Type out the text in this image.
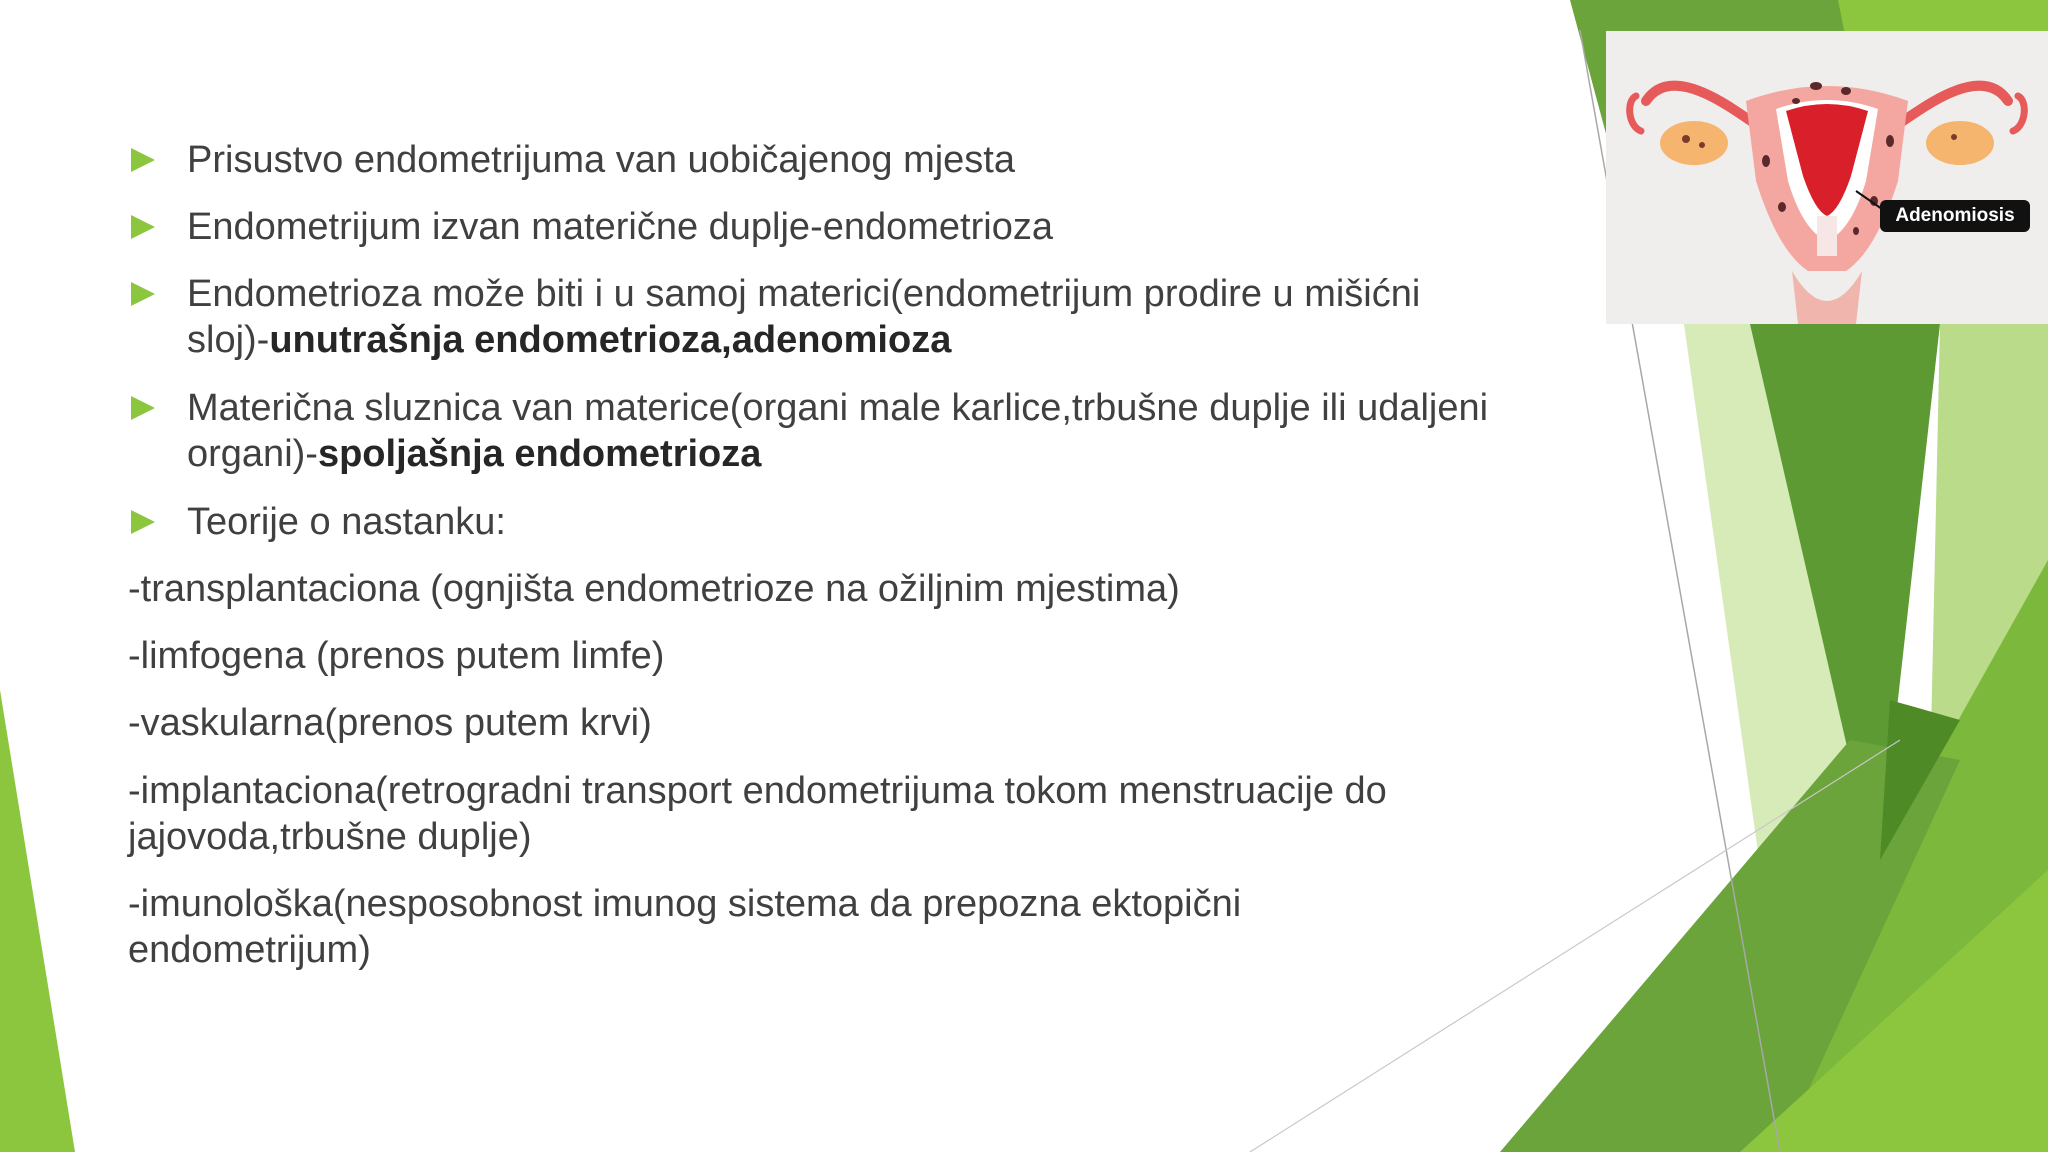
Prisustvo endometrijuma van uobičajenog mjesta
Endometrijum izvan materične duplje-endometrioza
Endometrioza može biti i u samoj materici(endometrijum prodire u mišićni
sloj)-unutrašnja endometrioza,adenomioza
Materična sluznica van materice(organi male karlice,trbušne duplje ili udaljeni
organi)-spoljašnja endometrioza
Teorije o nastanku:
-transplantaciona (ognjišta endometrioze na ožiljnim mjestima)
-limfogena (prenos putem limfe)
-vaskularna(prenos putem krvi)
-implantaciona(retrogradni transport endometrijuma tokom menstruacije do
jajovoda,trbušne duplje)
-imunološka(nesposobnost imunog sistema da prepozna ektopični
endometrijum)
Adenomiosis
